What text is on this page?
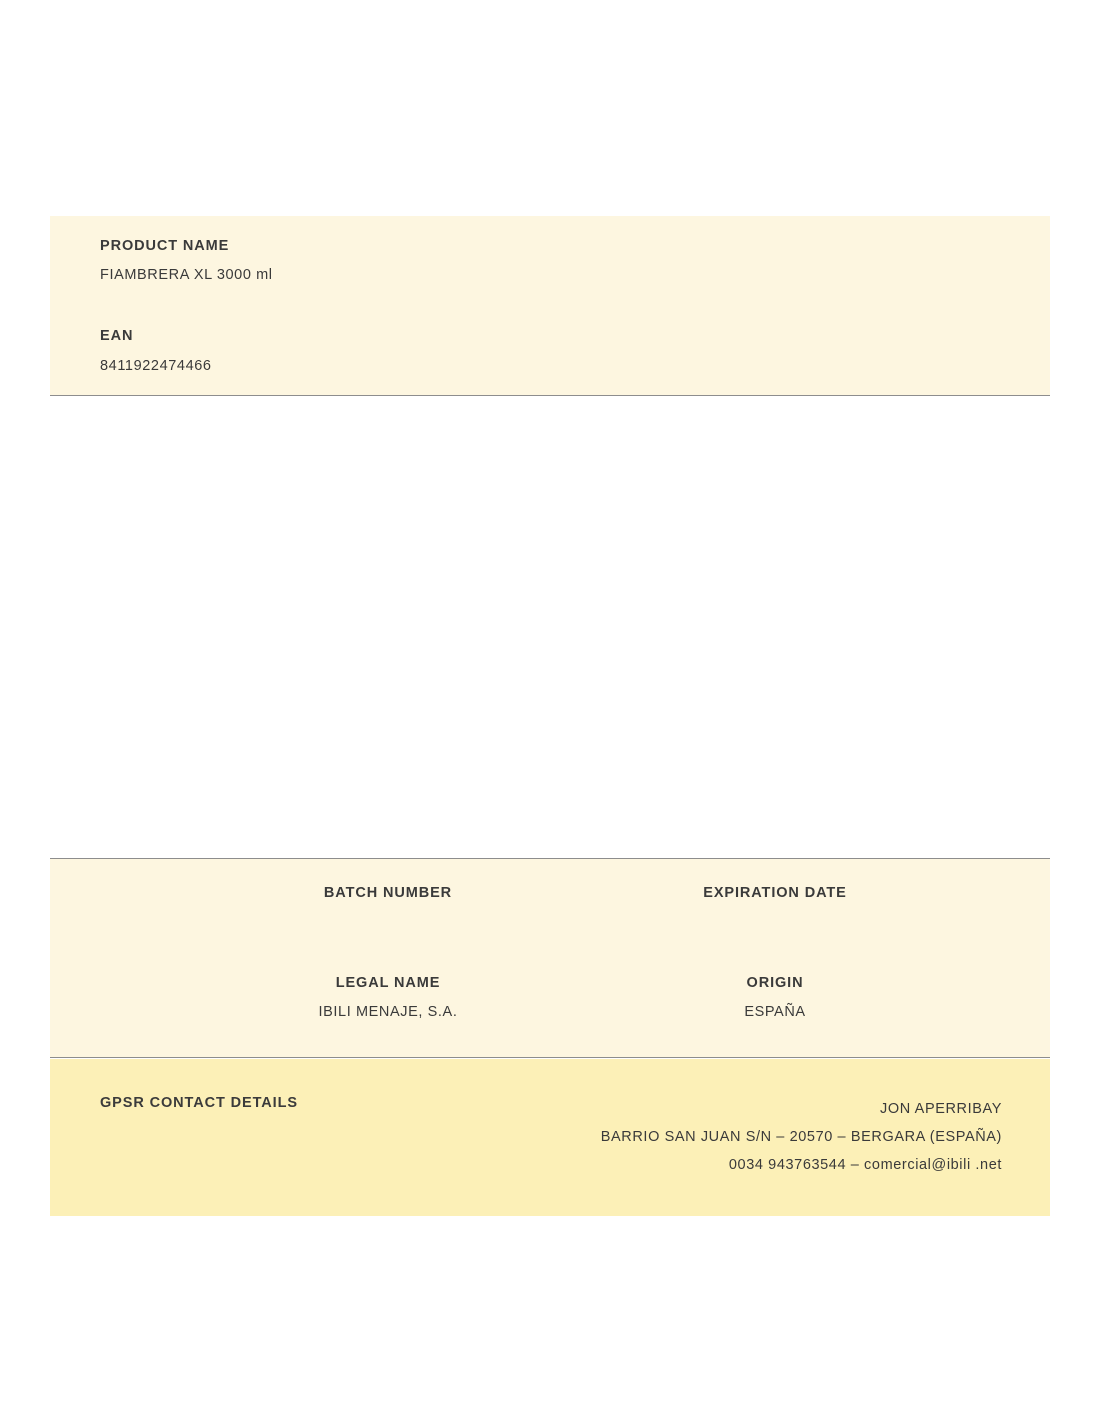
PRODUCT NAME
FIAMBRERA XL 3000 ml
EAN
8411922474466
BATCH NUMBER	EXPIRATION DATE
LEGAL NAME
IBILI MENAJE, S.A.
ORIGIN
ESPAÑA
GPSR CONTACT DETAILS	JON APERRIBAY
BARRIO SAN JUAN S/N – 20570 – BERGARA (ESPAÑA)
0034 943763544 – comercial@ibili .net
